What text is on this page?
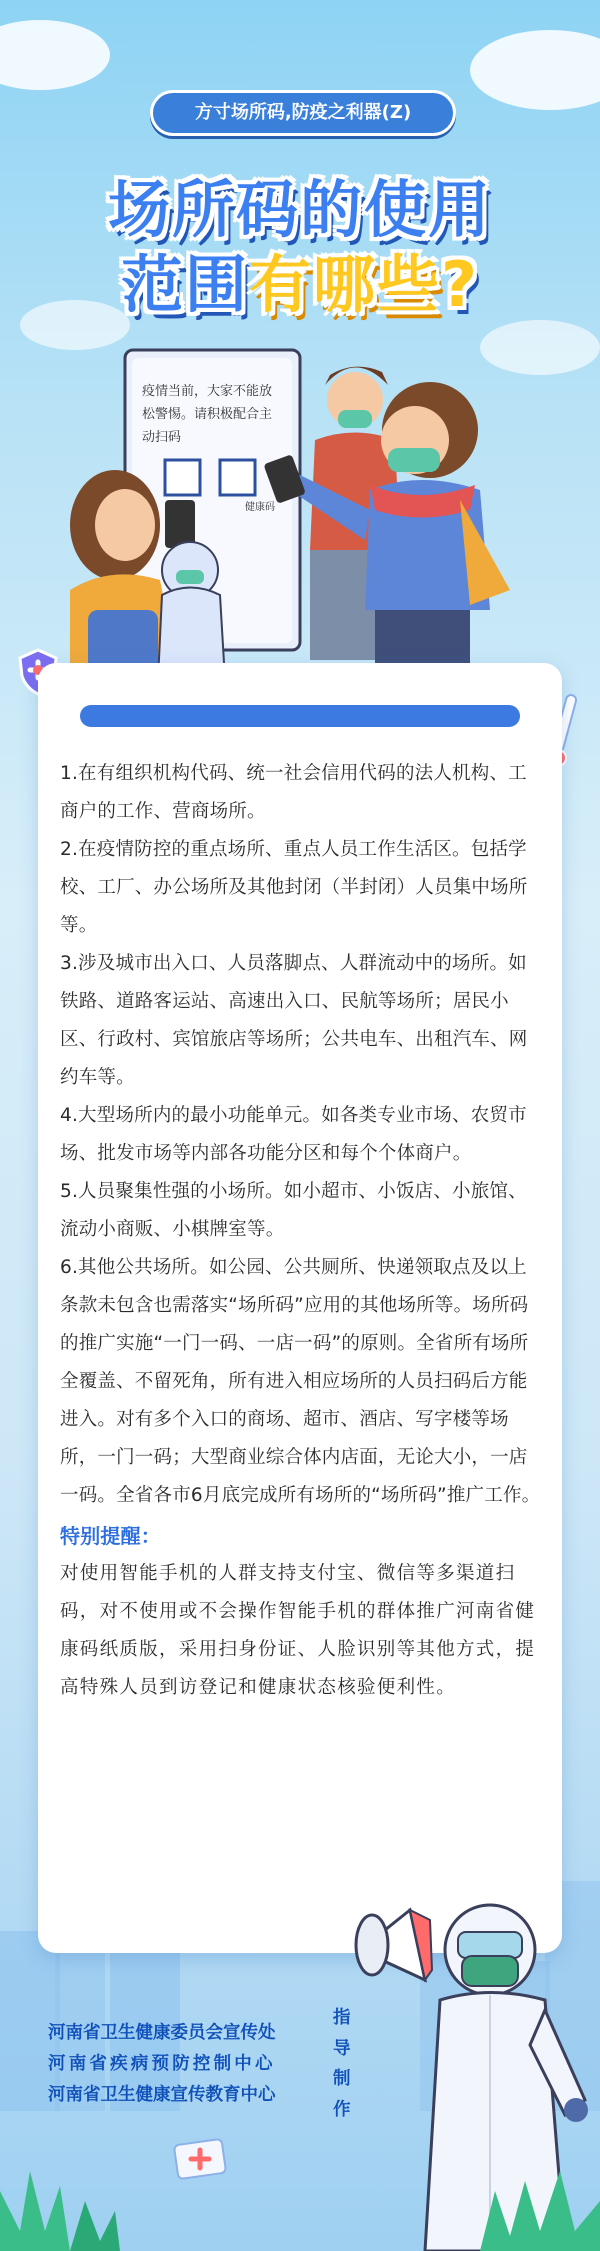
方寸场所码,防疫之利器(Z)
场所码的使用
范围有哪些?
疫情当前，大家不能放
松警惕。请积极配合主
动扫码
健康码

1.在有组织机构代码、统一社会信用代码的法人机构、工商户的工作、营商场所。

2.在疫情防控的重点场所、重点人员工作生活区。包括学校、工厂、办公场所及其他封闭（半封闭）人员集中场所等。

3.涉及城市出入口、人员落脚点、人群流动中的场所。如铁路、道路客运站、高速出入口、民航等场所；居民小区、行政村、宾馆旅店等场所；公共电车、出租汽车、网约车等。

4.大型场所内的最小功能单元。如各类专业市场、农贸市场、批发市场等内部各功能分区和每个个体商户。

5.人员聚集性强的小场所。如小超市、小饭店、小旅馆、流动小商贩、小棋牌室等。

6.其他公共场所。如公园、公共厕所、快递领取点及以上条款未包含也需落实“场所码”应用的其他场所等。场所码的推广实施“一门一码、一店一码”的原则。全省所有场所全覆盖、不留死角，所有进入相应场所的人员扫码后方能进入。对有多个入口的商场、超市、酒店、写字楼等场所，一门一码；大型商业综合体内店面，无论大小，一店一码。全省各市6月底完成所有场所的“场所码”推广工作。

特别提醒：

对使用智能手机的人群支持支付宝、微信等多渠道扫码，对不使用或不会操作智能手机的群体推广河南省健康码纸质版，采用扫身份证、人脸识别等其他方式，提高特殊人员到访登记和健康状态核验便利性。

河南省卫生健康委员会宣传处
指导
河南省疾病预防控制中心
制作
河南省卫生健康宣传教育中心
